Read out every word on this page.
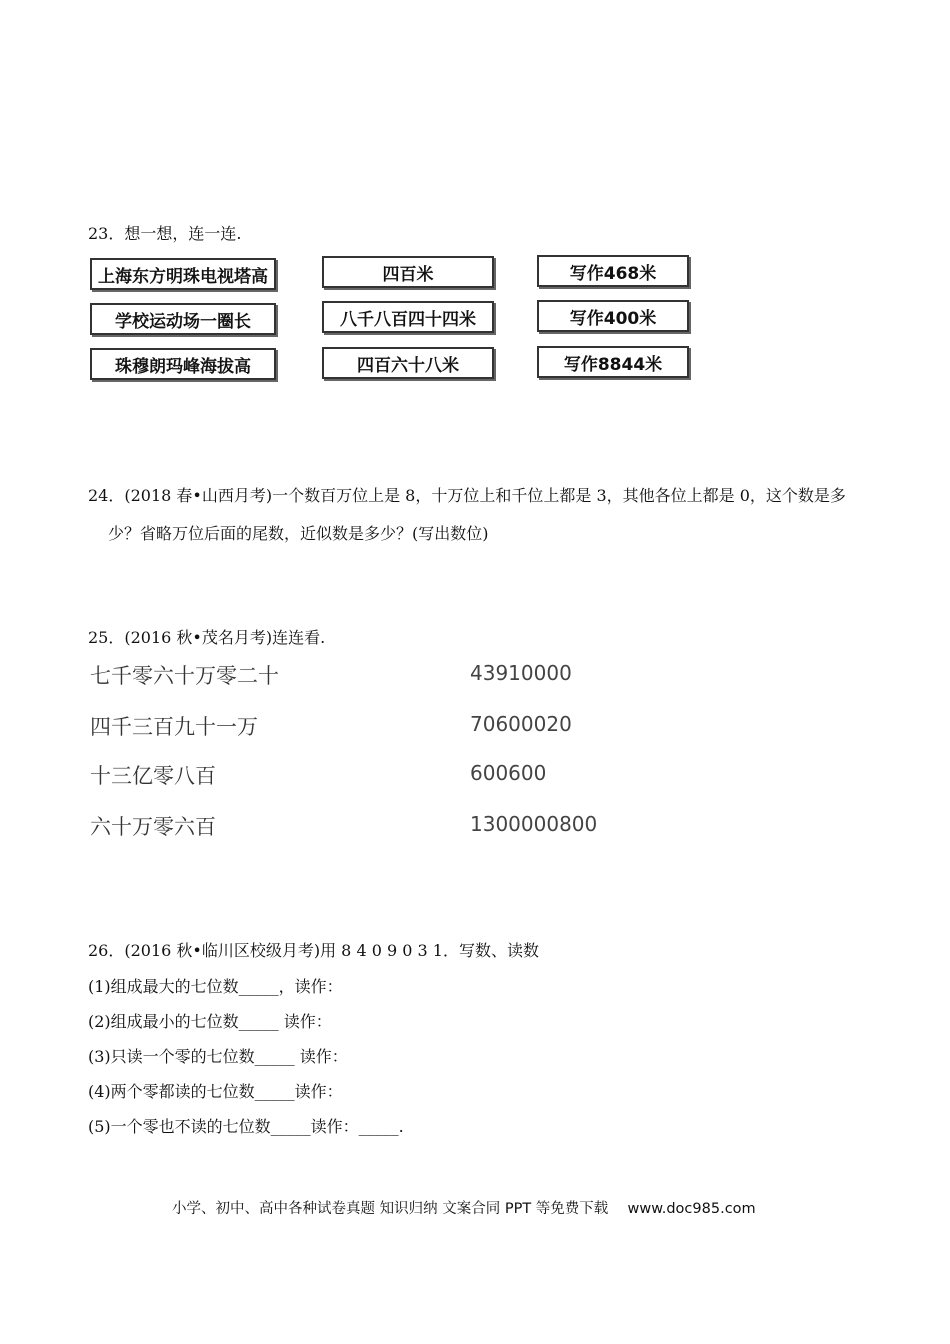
23．想一想，连一连.
上海东方明珠电视塔高
学校运动场一圈长
珠穆朗玛峰海拔高
四百米
八千八百四十四米
四百六十八米
写作468米
写作400米
写作8844米
24．(2018 春•山西月考)一个数百万位上是 8，十万位上和千位上都是 3，其他各位上都是 0，这个数是多
少？省略万位后面的尾数，近似数是多少？(写出数位)
25．(2016 秋•茂名月考)连连看.
七千零六十万零二十
四千三百九十一万
十三亿零八百
六十万零六百
43910000
70600020
600600
1300000800
26．(2016 秋•临川区校级月考)用 8 4 0 9 0 3 1．写数、读数
(1)组成最大的七位数_____，读作：
(2)组成最小的七位数_____ 读作：
(3)只读一个零的七位数_____ 读作：
(4)两个零都读的七位数_____读作：
(5)一个零也不读的七位数_____读作：_____.
小学、初中、高中各种试卷真题 知识归纳 文案合同 PPT 等免费下载 www.doc985.com
